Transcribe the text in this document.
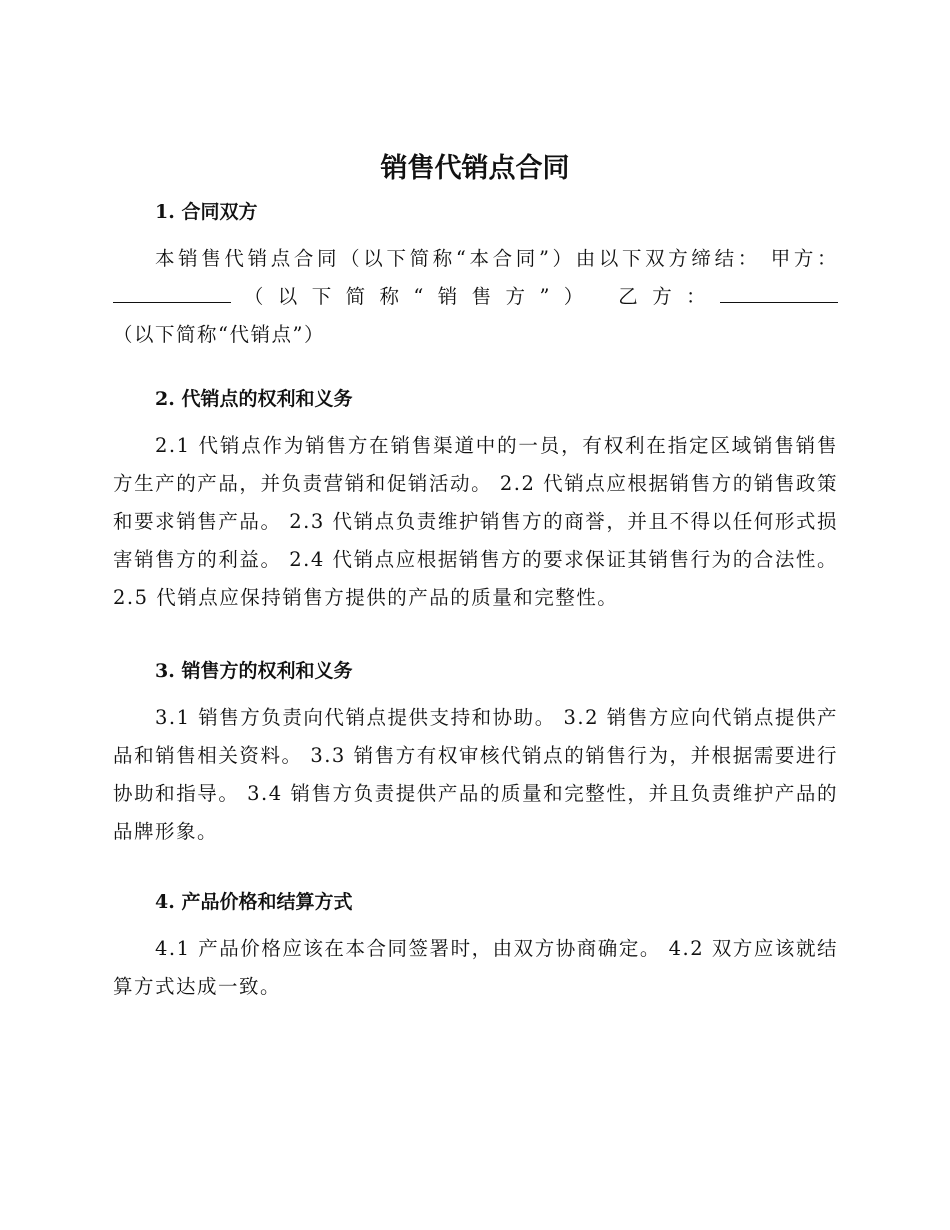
销售代销点合同

1. 合同双方

本销售代销点合同（以下简称“本合同”）由以下双方缔结： 甲方：（以下简称“销售方”） 乙方：（以下简称“代销点”）

2. 代销点的权利和义务

2.1 代销点作为销售方在销售渠道中的一员，有权利在指定区域销售销售方生产的产品，并负责营销和促销活动。 2.2 代销点应根据销售方的销售政策和要求销售产品。 2.3 代销点负责维护销售方的商誉，并且不得以任何形式损害销售方的利益。 2.4 代销点应根据销售方的要求保证其销售行为的合法性。 2.5 代销点应保持销售方提供的产品的质量和完整性。

3. 销售方的权利和义务

3.1 销售方负责向代销点提供支持和协助。 3.2 销售方应向代销点提供产品和销售相关资料。 3.3 销售方有权审核代销点的销售行为，并根据需要进行协助和指导。 3.4 销售方负责提供产品的质量和完整性，并且负责维护产品的品牌形象。

4. 产品价格和结算方式

4.1 产品价格应该在本合同签署时，由双方协商确定。 4.2 双方应该就结算方式达成一致。
